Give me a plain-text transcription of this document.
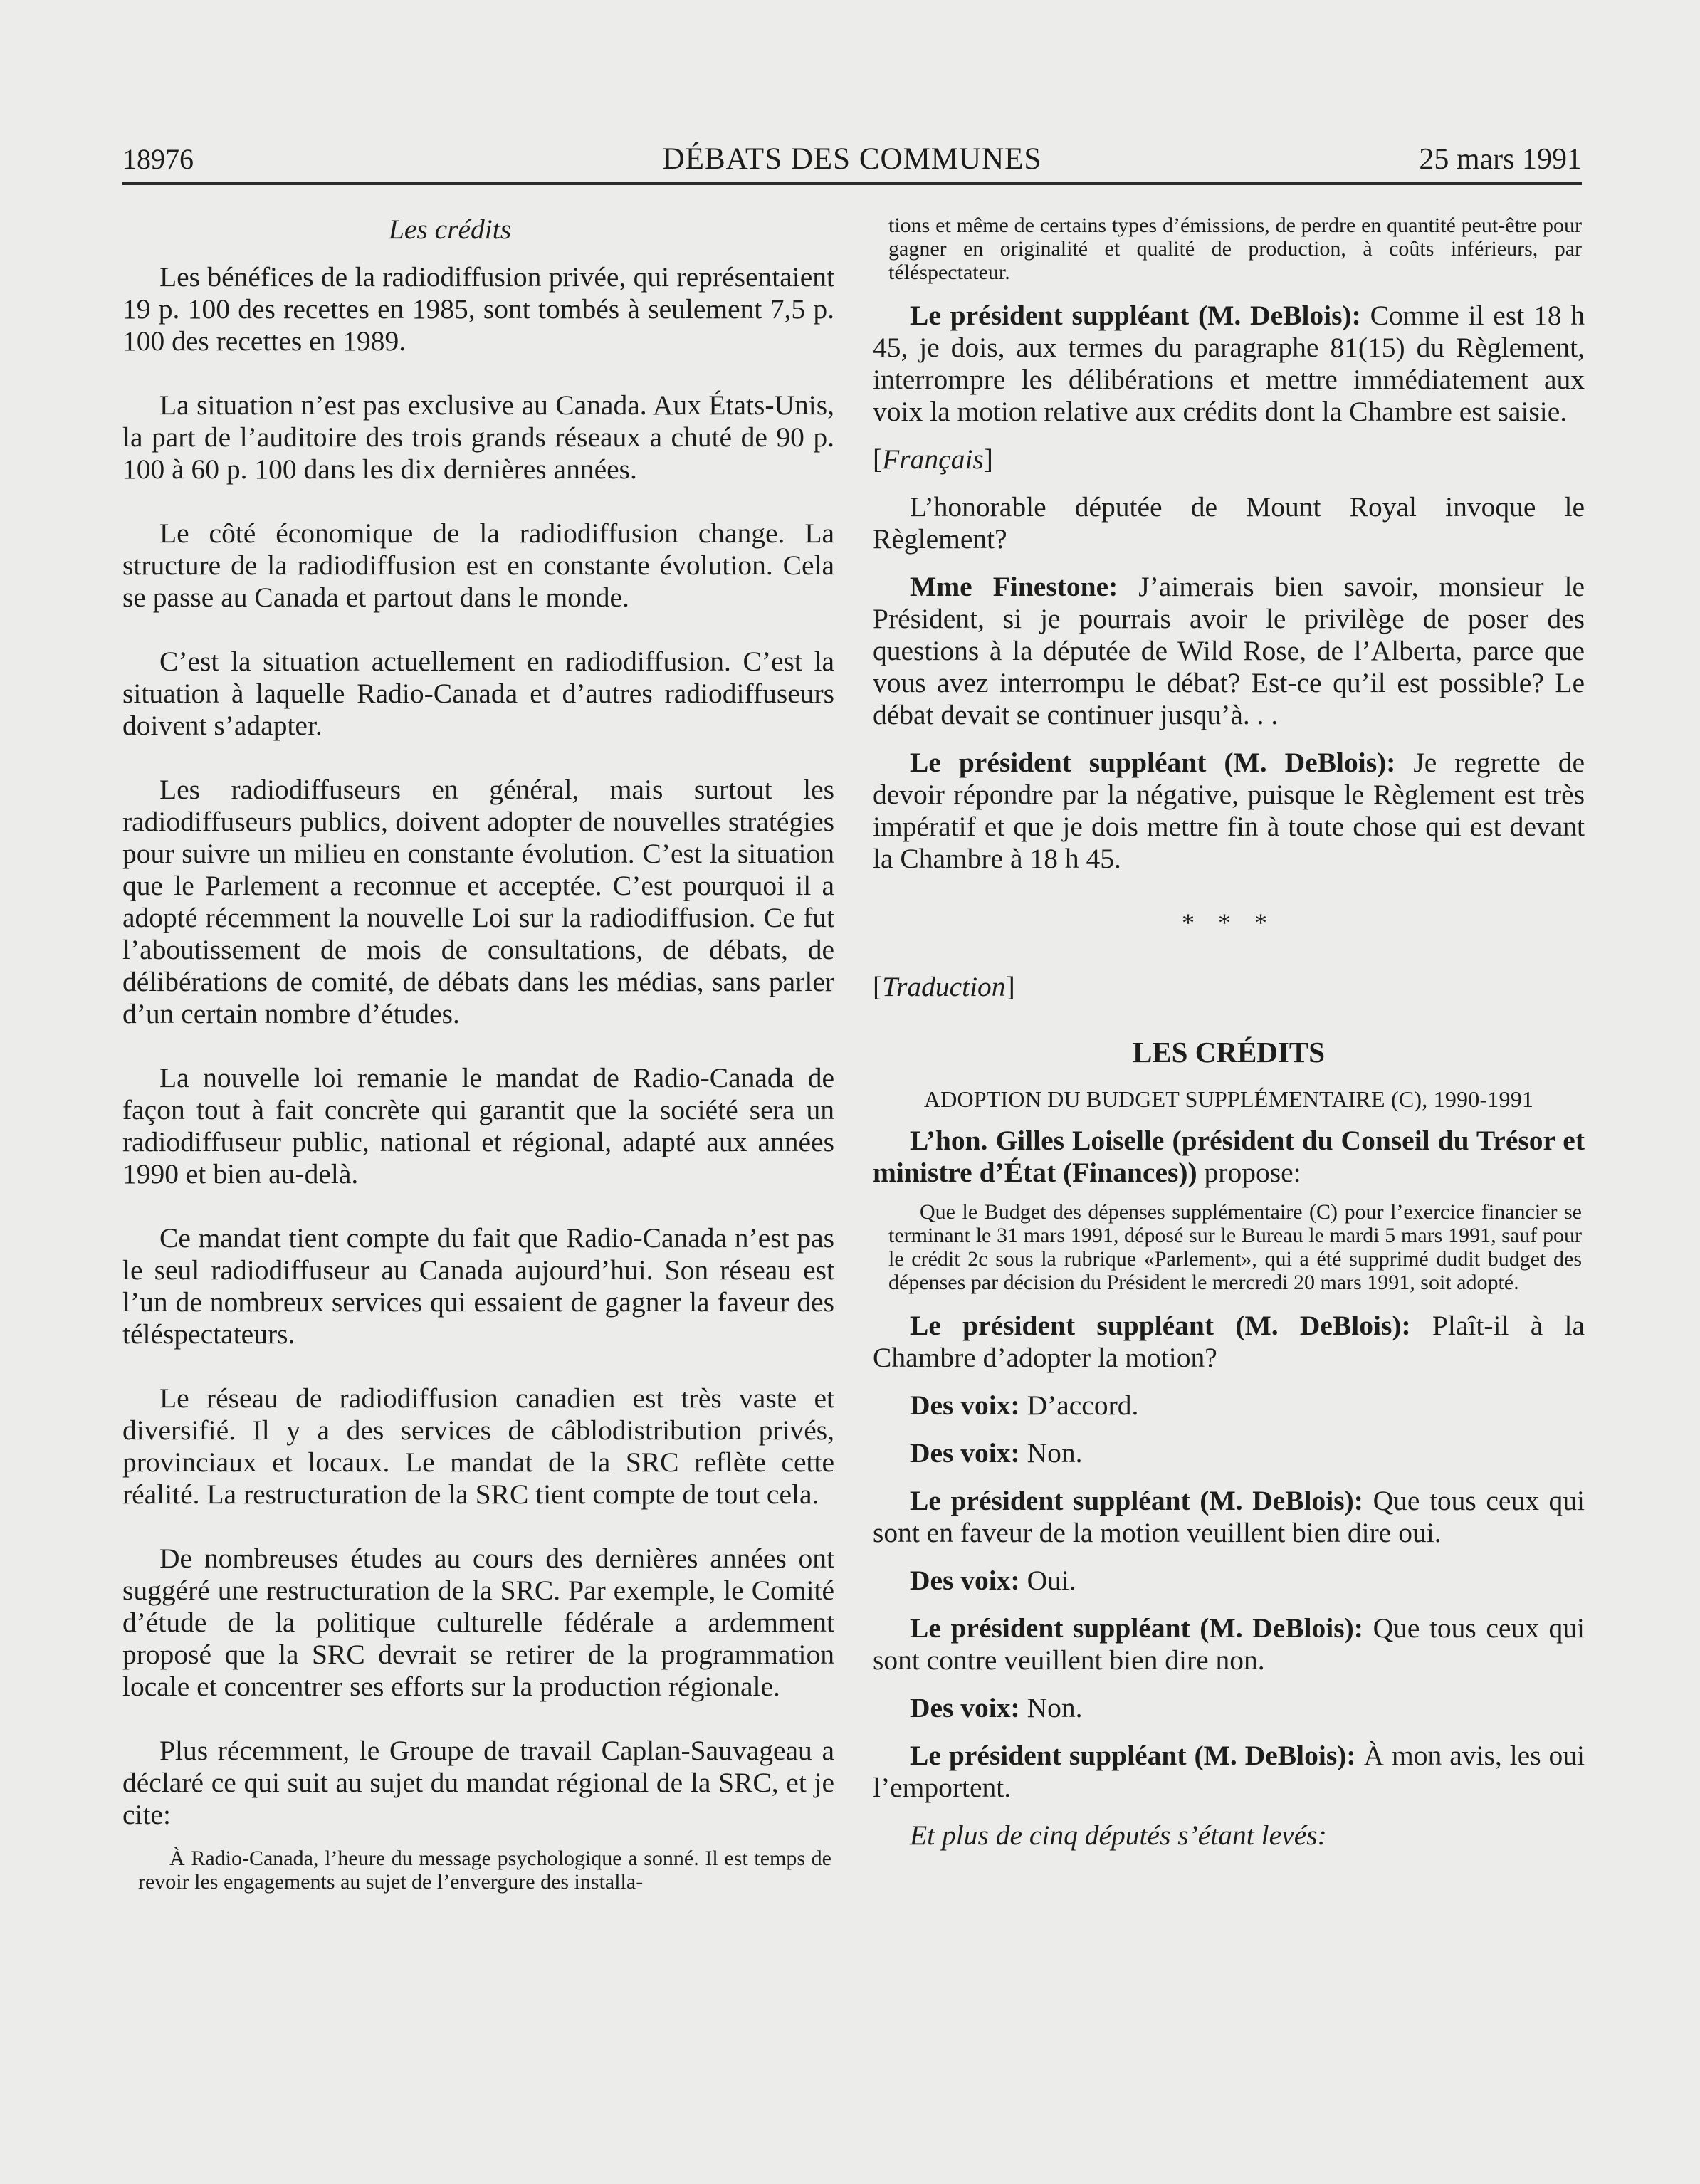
DÉBATS DES COMMUNES
18976	25 mars 1991

Les crédits

Les bénéfices de la radiodiffusion privée, qui représentaient 19 p. 100 des recettes en 1985, sont tombés à seulement 7,5 p. 100 des recettes en 1989.

La situation n’est pas exclusive au Canada. Aux États-Unis, la part de l’auditoire des trois grands réseaux a chuté de 90 p. 100 à 60 p. 100 dans les dix dernières années.

Le côté économique de la radiodiffusion change. La structure de la radiodiffusion est en constante évolution. Cela se passe au Canada et partout dans le monde.

C’est la situation actuellement en radiodiffusion. C’est la situation à laquelle Radio-Canada et d’autres radiodiffuseurs doivent s’adapter.

Les radiodiffuseurs en général, mais surtout les radiodiffuseurs publics, doivent adopter de nouvelles stratégies pour suivre un milieu en constante évolution. C’est la situation que le Parlement a reconnue et acceptée. C’est pourquoi il a adopté récemment la nouvelle Loi sur la radiodiffusion. Ce fut l’aboutissement de mois de consultations, de débats, de délibérations de comité, de débats dans les médias, sans parler d’un certain nombre d’études.

La nouvelle loi remanie le mandat de Radio-Canada de façon tout à fait concrète qui garantit que la société sera un radiodiffuseur public, national et régional, adapté aux années 1990 et bien au-delà.

Ce mandat tient compte du fait que Radio-Canada n’est pas le seul radiodiffuseur au Canada aujourd’hui. Son réseau est l’un de nombreux services qui essaient de gagner la faveur des téléspectateurs.

Le réseau de radiodiffusion canadien est très vaste et diversifié. Il y a des services de câblodistribution privés, provinciaux et locaux. Le mandat de la SRC reflète cette réalité. La restructuration de la SRC tient compte de tout cela.

De nombreuses études au cours des dernières années ont suggéré une restructuration de la SRC. Par exemple, le Comité d’étude de la politique culturelle fédérale a ardemment proposé que la SRC devrait se retirer de la programmation locale et concentrer ses efforts sur la production régionale.

Plus récemment, le Groupe de travail Caplan-Sauvageau a déclaré ce qui suit au sujet du mandat régional de la SRC, et je cite:

À Radio-Canada, l’heure du message psychologique a sonné. Il est temps de revoir les engagements au sujet de l’envergure des installa-

tions et même de certains types d’émissions, de perdre en quantité peut-être pour gagner en originalité et qualité de production, à coûts inférieurs, par téléspectateur.

Le président suppléant (M. DeBlois): Comme il est 18 h 45, je dois, aux termes du paragraphe 81(15) du Règlement, interrompre les délibérations et mettre immédiatement aux voix la motion relative aux crédits dont la Chambre est saisie.

[Français]

L’honorable députée de Mount Royal invoque le Règlement?

Mme Finestone: J’aimerais bien savoir, monsieur le Président, si je pourrais avoir le privilège de poser des questions à la députée de Wild Rose, de l’Alberta, parce que vous avez interrompu le débat? Est-ce qu’il est possible? Le débat devait se continuer jusqu’à. . .

Le président suppléant (M. DeBlois): Je regrette de devoir répondre par la négative, puisque le Règlement est très impératif et que je dois mettre fin à toute chose qui est devant la Chambre à 18 h 45.

* * *

[Traduction]

LES CRÉDITS

ADOPTION DU BUDGET SUPPLÉMENTAIRE (C), 1990-1991

L’hon. Gilles Loiselle (président du Conseil du Trésor et ministre d’État (Finances)) propose:

Que le Budget des dépenses supplémentaire (C) pour l’exercice financier se terminant le 31 mars 1991, déposé sur le Bureau le mardi 5 mars 1991, sauf pour le crédit 2c sous la rubrique «Parlement», qui a été supprimé dudit budget des dépenses par décision du Président le mercredi 20 mars 1991, soit adopté.

Le président suppléant (M. DeBlois): Plaît-il à la Chambre d’adopter la motion?

Des voix: D’accord.

Des voix: Non.

Le président suppléant (M. DeBlois): Que tous ceux qui sont en faveur de la motion veuillent bien dire oui.

Des voix: Oui.

Le président suppléant (M. DeBlois): Que tous ceux qui sont contre veuillent bien dire non.

Des voix: Non.

Le président suppléant (M. DeBlois): À mon avis, les oui l’emportent.

Et plus de cinq députés s’étant levés:
